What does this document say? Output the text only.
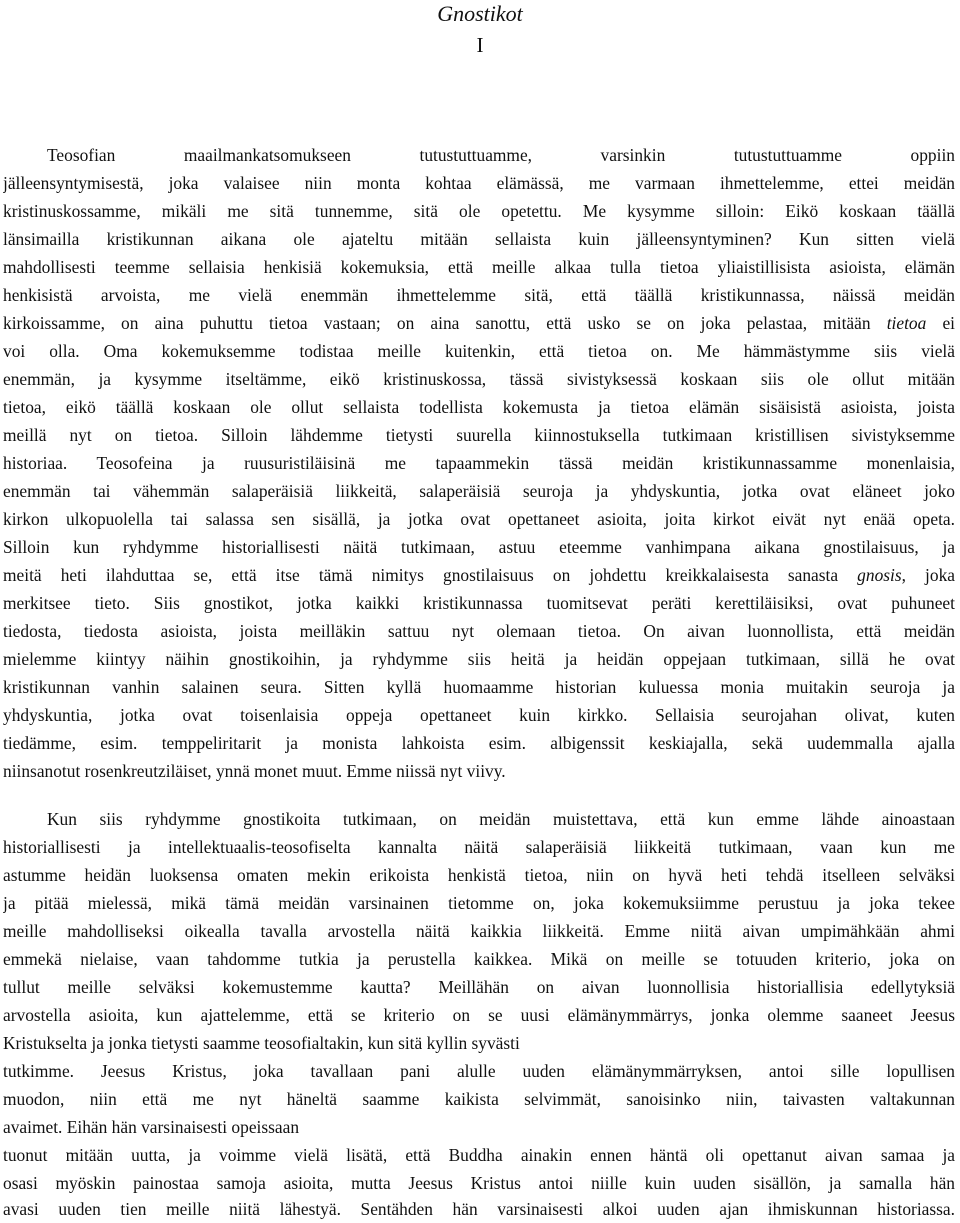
Gnostikot
I
Teosofian maailmankatsomukseen tutustuttuamme, varsinkin tutustuttuamme oppiin
jälleensyntymisestä, joka valaisee niin monta kohtaa elämässä, me varmaan ihmettelemme, ettei meidän
kristinuskossamme, mikäli me sitä tunnemme, sitä ole opetettu. Me kysymme silloin: Eikö koskaan täällä
länsimailla kristikunnan aikana ole ajateltu mitään sellaista kuin jälleensyntyminen? Kun sitten vielä
mahdollisesti teemme sellaisia henkisiä kokemuksia, että meille alkaa tulla tietoa yliaistillisista asioista, elämän
henkisistä arvoista, me vielä enemmän ihmettelemme sitä, että täällä kristikunnassa, näissä meidän
kirkoissamme, on aina puhuttu tietoa vastaan; on aina sanottu, että usko se on joka pelastaa, mitään tietoa ei
voi olla. Oma kokemuksemme todistaa meille kuitenkin, että tietoa on. Me hämmästymme siis vielä
enemmän, ja kysymme itseltämme, eikö kristinuskossa, tässä sivistyksessä koskaan siis ole ollut mitään
tietoa, eikö täällä koskaan ole ollut sellaista todellista kokemusta ja tietoa elämän sisäisistä asioista, joista
meillä nyt on tietoa. Silloin lähdemme tietysti suurella kiinnostuksella tutkimaan kristillisen sivistyksemme
historiaa. Teosofeina ja ruusuristiläisinä me tapaammekin tässä meidän kristikunnassamme monenlaisia,
enemmän tai vähemmän salaperäisiä liikkeitä, salaperäisiä seuroja ja yhdyskuntia, jotka ovat eläneet joko
kirkon ulkopuolella tai salassa sen sisällä, ja jotka ovat opettaneet asioita, joita kirkot eivät nyt enää opeta.
Silloin kun ryhdymme historiallisesti näitä tutkimaan, astuu eteemme vanhimpana aikana gnostilaisuus, ja
meitä heti ilahduttaa se, että itse tämä nimitys gnostilaisuus on johdettu kreikkalaisesta sanasta gnosis, joka
merkitsee tieto. Siis gnostikot, jotka kaikki kristikunnassa tuomitsevat peräti kerettiläisiksi, ovat puhuneet
tiedosta, tiedosta asioista, joista meilläkin sattuu nyt olemaan tietoa. On aivan luonnollista, että meidän
mielemme kiintyy näihin gnostikoihin, ja ryhdymme siis heitä ja heidän oppejaan tutkimaan, sillä he ovat
kristikunnan vanhin salainen seura. Sitten kyllä huomaamme historian kuluessa monia muitakin seuroja ja
yhdyskuntia, jotka ovat toisenlaisia oppeja opettaneet kuin kirkko. Sellaisia seurojahan olivat, kuten
tiedämme, esim. temppeliritarit ja monista lahkoista esim. albigenssit keskiajalla, sekä uudemmalla ajalla
niinsanotut rosenkreutziläiset, ynnä monet muut. Emme niissä nyt viivy.
Kun siis ryhdymme gnostikoita tutkimaan, on meidän muistettava, että kun emme lähde ainoastaan
historiallisesti ja intellektuaalis-teosofiselta kannalta näitä salaperäisiä liikkeitä tutkimaan, vaan kun me
astumme heidän luoksensa omaten mekin erikoista henkistä tietoa, niin on hyvä heti tehdä itselleen selväksi
ja pitää mielessä, mikä tämä meidän varsinainen tietomme on, joka kokemuksiimme perustuu ja joka tekee
meille mahdolliseksi oikealla tavalla arvostella näitä kaikkia liikkeitä. Emme niitä aivan umpimähkään ahmi
emmekä nielaise, vaan tahdomme tutkia ja perustella kaikkea. Mikä on meille se totuuden kriterio, joka on
tullut meille selväksi kokemustemme kautta? Meillähän on aivan luonnollisia historiallisia edellytyksiä
arvostella asioita, kun ajattelemme, että se kriterio on se uusi elämänymmärrys, jonka olemme saaneet Jeesus
Kristukselta ja jonka tietysti saamme teosofialtakin, kun sitä kyllin syvästi
tutkimme. Jeesus Kristus, joka tavallaan pani alulle uuden elämänymmärryksen, antoi sille lopullisen
muodon, niin että me nyt häneltä saamme kaikista selvimmät, sanoisinko niin, taivasten valtakunnan
avaimet. Eihän hän varsinaisesti opeissaan
tuonut mitään uutta, ja voimme vielä lisätä, että Buddha ainakin ennen häntä oli opettanut aivan samaa ja
osasi myöskin painostaa samoja asioita, mutta Jeesus Kristus antoi niille kuin uuden sisällön, ja samalla hän
avasi uuden tien meille niitä lähestyä. Sentähden hän varsinaisesti alkoi uuden ajan ihmiskunnan historiassa.
